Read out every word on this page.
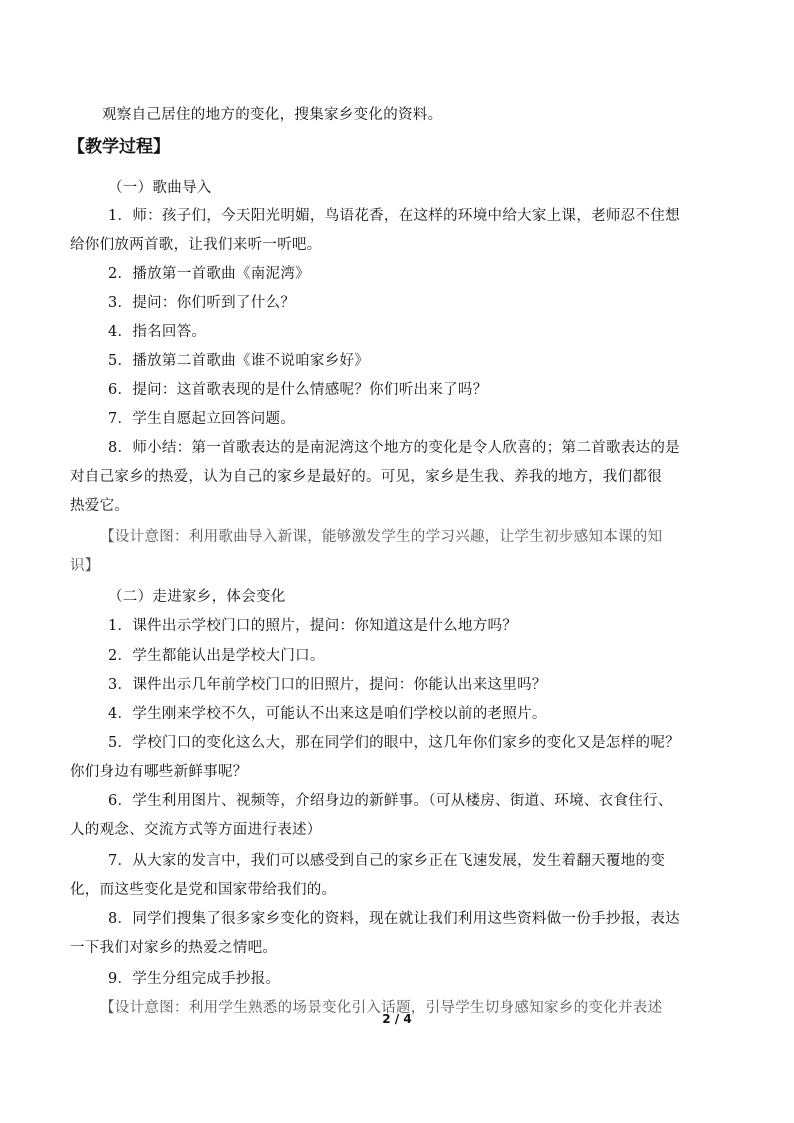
观察自己居住的地方的变化，搜集家乡变化的资料。
【教学过程】
（一）歌曲导入
1．师：孩子们，今天阳光明媚，鸟语花香，在这样的环境中给大家上课，老师忍不住想
给你们放两首歌，让我们来听一听吧。
2．播放第一首歌曲《南泥湾》
3．提问：你们听到了什么？
4．指名回答。
5．播放第二首歌曲《谁不说咱家乡好》
6．提问：这首歌表现的是什么情感呢？你们听出来了吗？
7．学生自愿起立回答问题。
8．师小结：第一首歌表达的是南泥湾这个地方的变化是令人欣喜的；第二首歌表达的是
对自己家乡的热爱，认为自己的家乡是最好的。可见，家乡是生我、养我的地方，我们都很
热爱它。
【设计意图：利用歌曲导入新课，能够激发学生的学习兴趣，让学生初步感知本课的知
识】
（二）走进家乡，体会变化
1．课件出示学校门口的照片，提问：你知道这是什么地方吗？
2．学生都能认出是学校大门口。
3．课件出示几年前学校门口的旧照片，提问：你能认出来这里吗？
4．学生刚来学校不久，可能认不出来这是咱们学校以前的老照片。
5．学校门口的变化这么大，那在同学们的眼中，这几年你们家乡的变化又是怎样的呢？
你们身边有哪些新鲜事呢？
6．学生利用图片、视频等，介绍身边的新鲜事。（可从楼房、街道、环境、衣食住行、
人的观念、交流方式等方面进行表述）
7．从大家的发言中，我们可以感受到自己的家乡正在飞速发展，发生着翻天覆地的变
化，而这些变化是党和国家带给我们的。
8．同学们搜集了很多家乡变化的资料，现在就让我们利用这些资料做一份手抄报，表达
一下我们对家乡的热爱之情吧。
9．学生分组完成手抄报。
【设计意图：利用学生熟悉的场景变化引入话题，引导学生切身感知家乡的变化并表述
2 / 4
